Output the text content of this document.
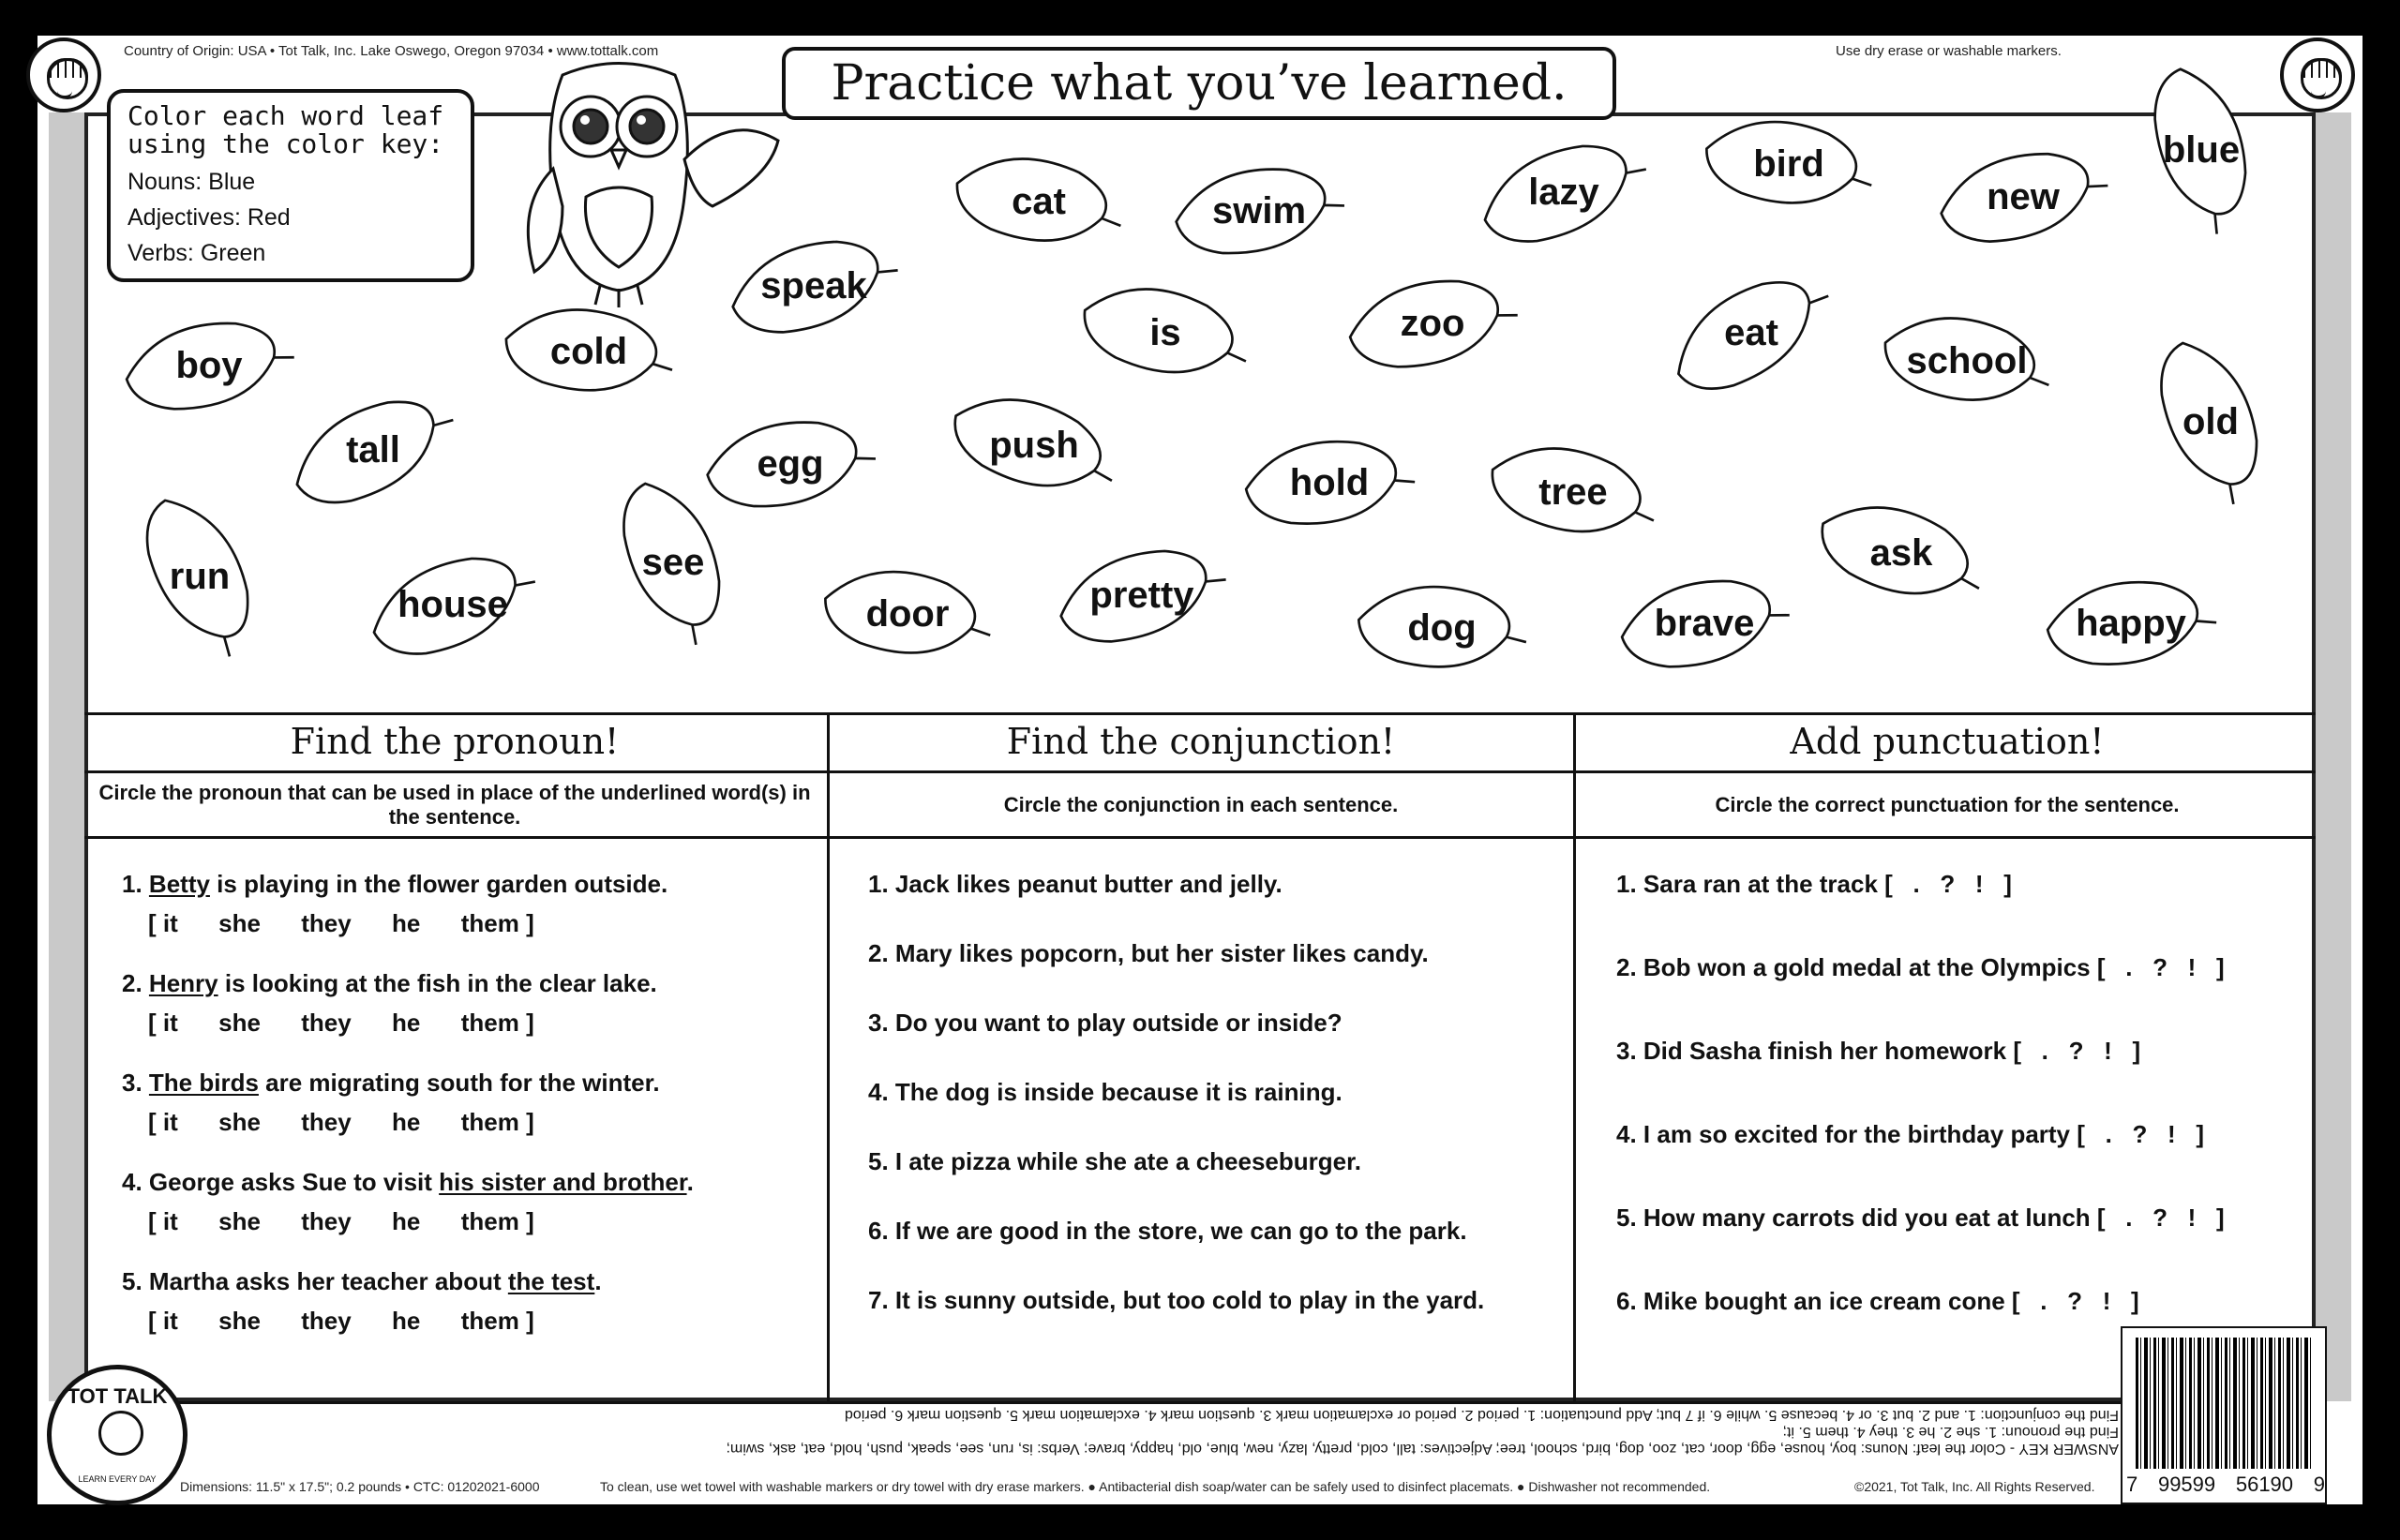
Country of Origin: USA • Tot Talk, Inc. Lake Oswego, Oregon 97034 • www.tottalk.com	Use dry erase or washable markers.
Practice what you’ve learned.
Color each word leaf using the color key:
Nouns: Blue
Adjectives: Red
Verbs: Green
boy	cold
speak
cat	swim	lazy
bird
new
blue
tall
is	zoo	eat
school
egg	push
hold	tree
old
run
house
see
door	pretty
dog	brave
ask
happy
Find the pronoun!	Find the conjunction!	Add punctuation!
Circle the pronoun that can be used in place of the underlined word(s) in the sentence.
Circle the conjunction in each sentence.	Circle the correct punctuation for the sentence.
1. Betty is playing in the flower garden outside.
[ it      she      they      he      them ]
2. Henry is looking at the fish in the clear lake.
[ it      she      they      he      them ]
3. The birds are migrating south for the winter.
[ it      she      they      he      them ]
4. George asks Sue to visit his sister and brother.
[ it      she      they      he      them ]
5. Martha asks her teacher about the test.
[ it      she      they      he      them ]
1. Jack likes peanut butter and jelly.
2. Mary likes popcorn, but her sister likes candy.
3. Do you want to play outside or inside?
4. The dog is inside because it is raining.
5. I ate pizza while she ate a cheeseburger.
6. If we are good in the store, we can go to the park.
7. It is sunny outside, but too cold to play in the yard.
1. Sara ran at the track [   .   ?   !   ]
2. Bob won a gold medal at the Olympics [   .   ?   !   ]
3. Did Sasha finish her homework [   .   ?   !   ]
4. I am so excited for the birthday party [   .   ?   !   ]
5. How many carrots did you eat at lunch [   .   ?   !   ]
6. Mike bought an ice cream cone [   .   ?   !   ]
ANSWER KEY - Color the leaf: Nouns: boy, house, egg, door, cat, zoo, dog, bird, school, tree; Adjectives: tall, cold, pretty, lazy, new, blue, old, happy, brave; Verbs: is, run, see, speak, push, hold, eat, ask, swim; Find the pronoun: 1. she 2. he 3. they 4. them 5. it;
Find the conjunction: 1. and 2. but 3. or 4. because 5. while 6. if 7 but; Add punctuation: 1. period 2. period or exclamation mark 3. question mark 4. exclamation mark 5. question mark 6. period
TOT TALK
LEARN EVERY DAY	Dimensions: 11.5" x 17.5"; 0.2 pounds • CTC: 01202021-6000	To clean, use wet towel with washable markers or dry towel with dry erase markers. ● Antibacterial dish soap/water can be safely used to disinfect placemats. ● Dishwasher not recommended.	©2021, Tot Talk, Inc. All Rights Reserved. 7 99599 56190 9
